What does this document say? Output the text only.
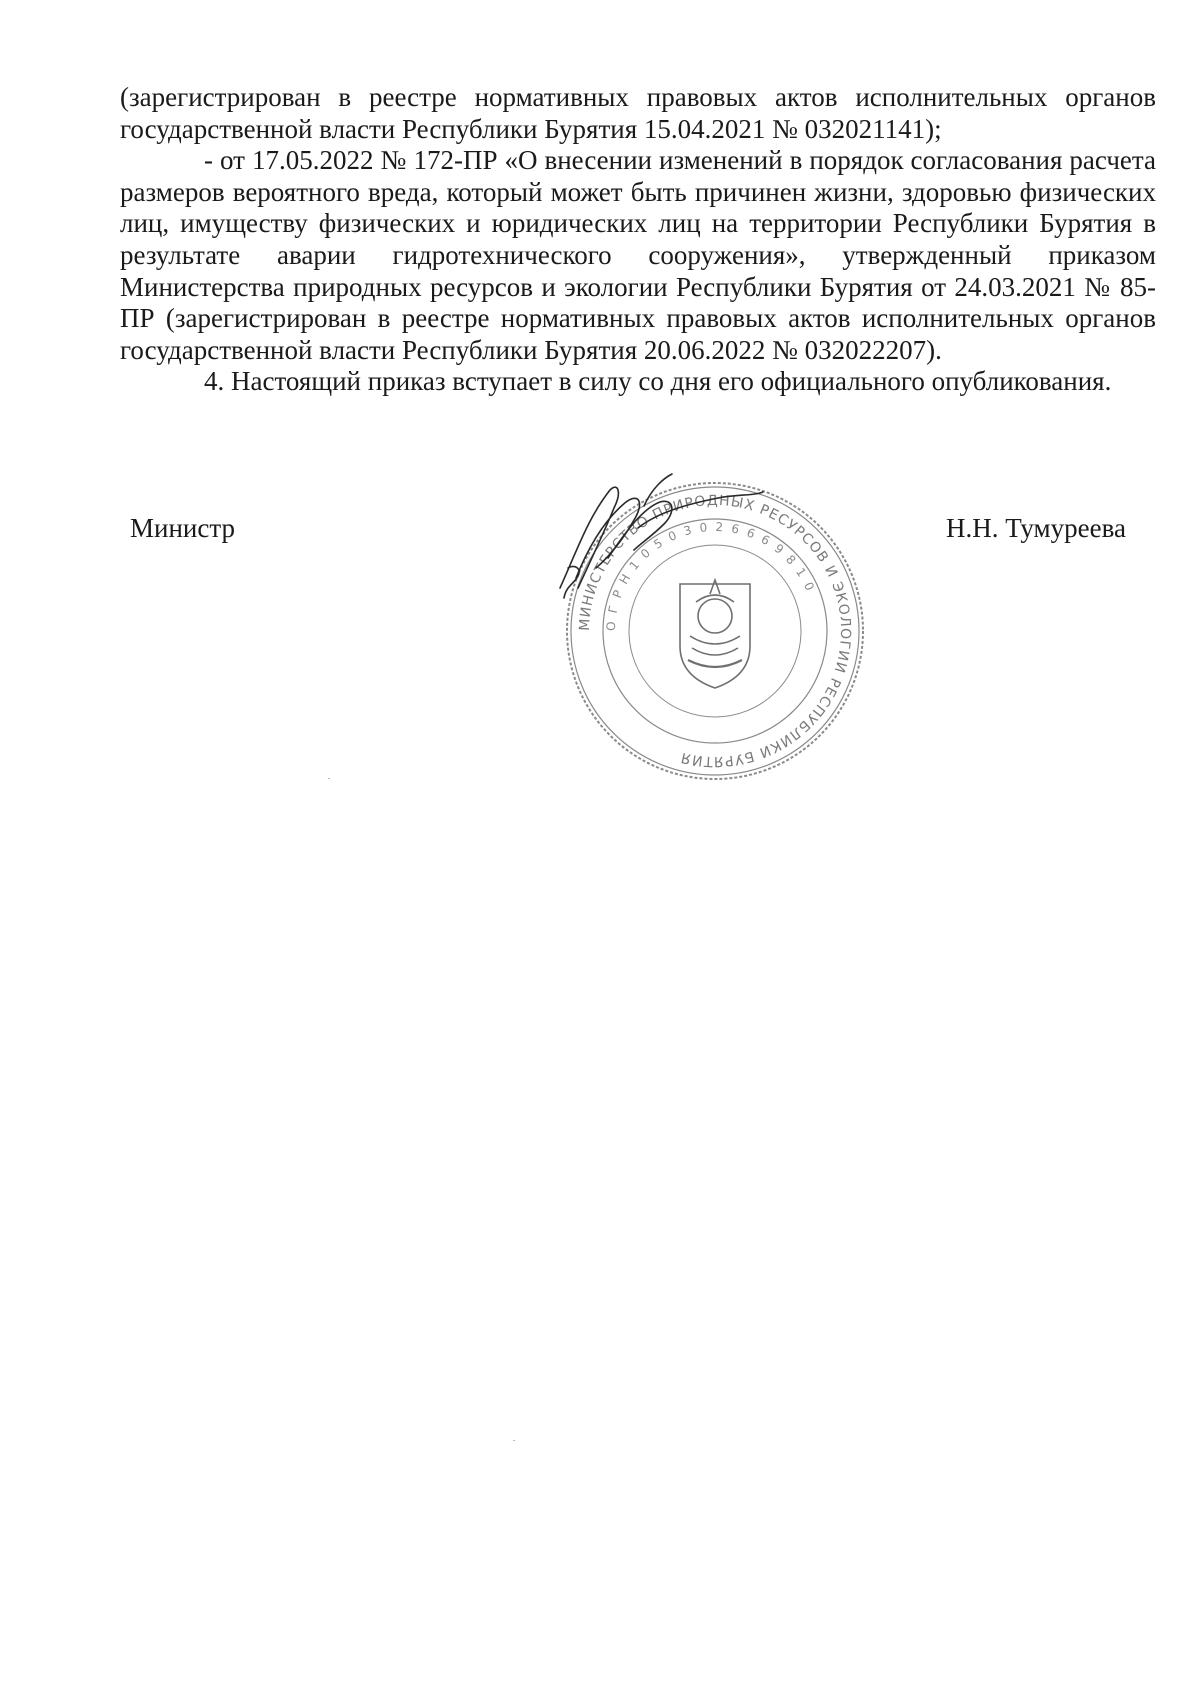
(зарегистрирован в реестре нормативных правовых актов исполнительных органов государственной власти Республики Бурятия 15.04.2021 № 032021141);

- от 17.05.2022 № 172-ПР «О внесении изменений в порядок согласования расчета размеров вероятного вреда, который может быть причинен жизни, здоровью физических лиц, имуществу физических и юридических лиц на территории Республики Бурятия в результате аварии гидротехнического сооружения», утвержденный приказом Министерства природных ресурсов и экологии Республики Бурятия от 24.03.2021 № 85-ПР (зарегистрирован в реестре нормативных правовых актов исполнительных органов государственной власти Республики Бурятия 20.06.2022 № 032022207).

4. Настоящий приказ вступает в силу со дня его официального опубликования.

Министр	Н.Н. Тумуреева
МИНИСТЕРСТВО ПРИРОДНЫХ РЕСУРСОВ И ЭКОЛОГИИ РЕСПУБЛИКИ БУРЯТИЯ
О Г Р Н 1 0 5 0 3 0 2 6 6 6 9 8 1 0
